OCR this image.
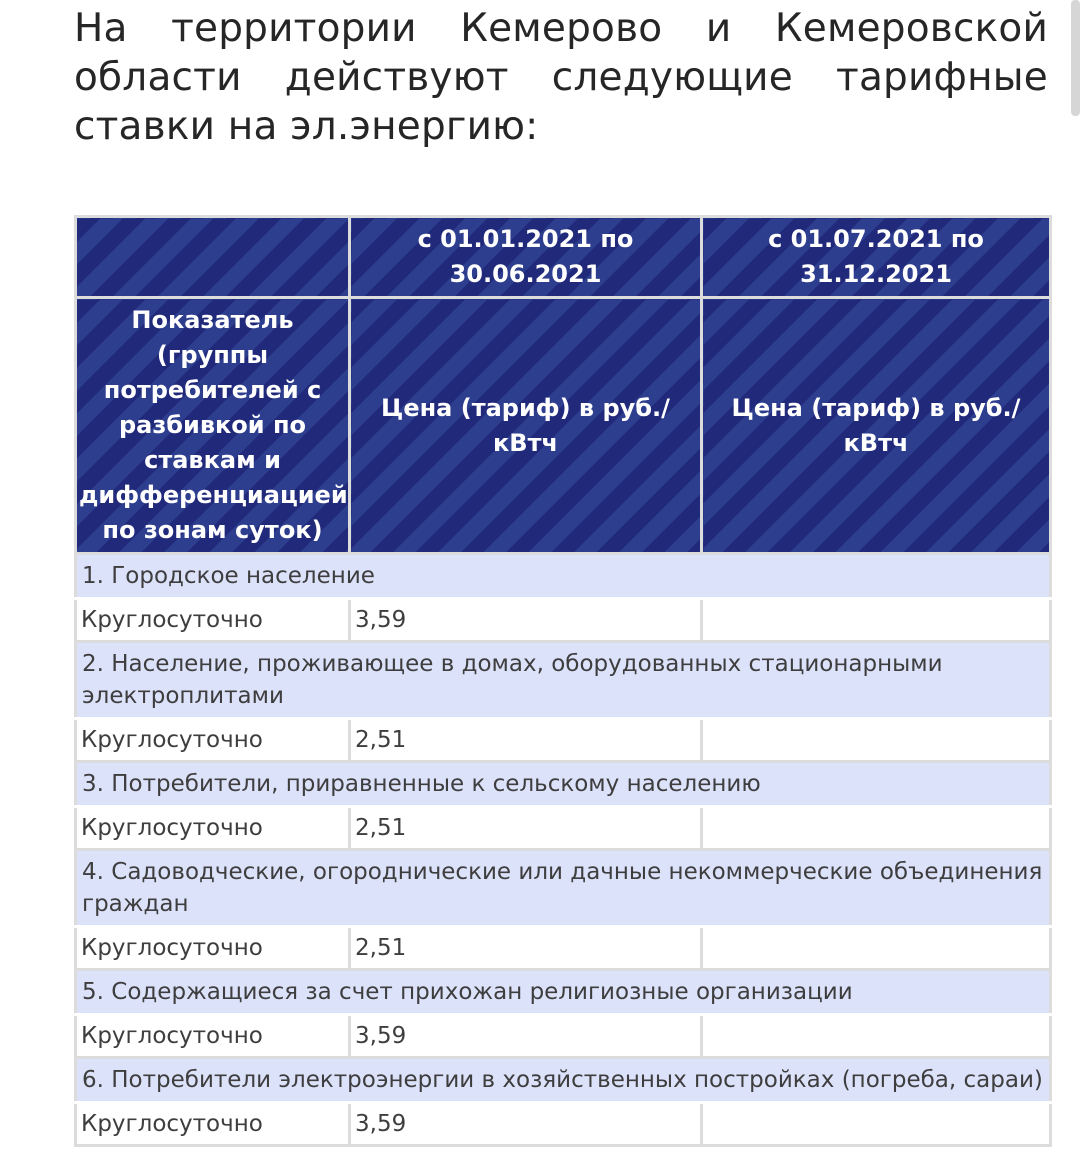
На территории Кемерово и Кемеровской области действуют следующие тарифные ставки на эл.энергию:

	с 01.01.2021 по 30.06.2021	с 01.07.2021 по 31.12.2021
Показатель (группы потребителей с разбивкой по ставкам и дифференциацией по зонам суток)	Цена (тариф) в руб./ кВтч	Цена (тариф) в руб./ кВтч
1. Городское население		
Круглосуточно	3,59	
2. Население, проживающее в домах, оборудованных стационарными электроплитами		
Круглосуточно	2,51	
3. Потребители, приравненные к сельскому населению		
Круглосуточно	2,51	
4. Садоводческие, огороднические или дачные некоммерческие объединения граждан		
Круглосуточно	2,51	
5. Содержащиеся за счет прихожан религиозные организации		
Круглосуточно	3,59	
6. Потребители электроэнергии в хозяйственных постройках (погреба, сараи)		
Круглосуточно	3,59	
